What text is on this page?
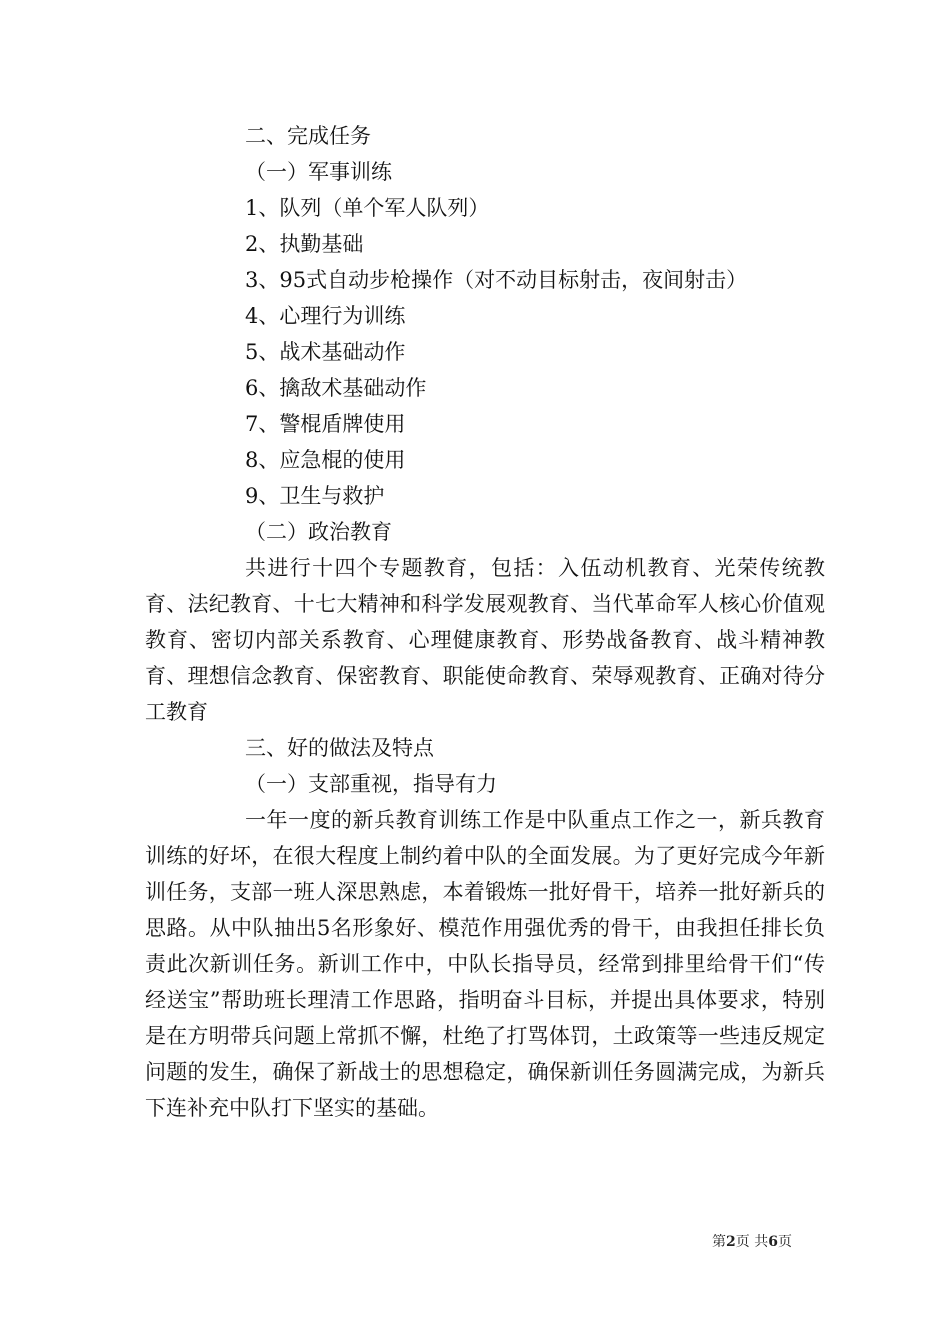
二、完成任务
（一）军事训练
1、队列（单个军人队列）
2、执勤基础
3、95式自动步枪操作（对不动目标射击，夜间射击）
4、心理行为训练
5、战术基础动作
6、擒敌术基础动作
7、警棍盾牌使用
8、应急棍的使用
9、卫生与救护
（二）政治教育

共进行十四个专题教育，包括：入伍动机教育、光荣传统教育、法纪教育、十七大精神和科学发展观教育、当代革命军人核心价值观教育、密切内部关系教育、心理健康教育、形势战备教育、战斗精神教育、理想信念教育、保密教育、职能使命教育、荣辱观教育、正确对待分工教育

三、好的做法及特点
（一）支部重视，指导有力

一年一度的新兵教育训练工作是中队重点工作之一，新兵教育训练的好坏，在很大程度上制约着中队的全面发展。为了更好完成今年新训任务，支部一班人深思熟虑，本着锻炼一批好骨干，培养一批好新兵的思路。从中队抽出5名形象好、模范作用强优秀的骨干，由我担任排长负责此次新训任务。新训工作中，中队长指导员，经常到排里给骨干们“传经送宝”帮助班长理清工作思路，指明奋斗目标，并提出具体要求，特别是在方明带兵问题上常抓不懈，杜绝了打骂体罚，土政策等一些违反规定问题的发生，确保了新战士的思想稳定，确保新训任务圆满完成，为新兵下连补充中队打下坚实的基础。

第2页 共6页
